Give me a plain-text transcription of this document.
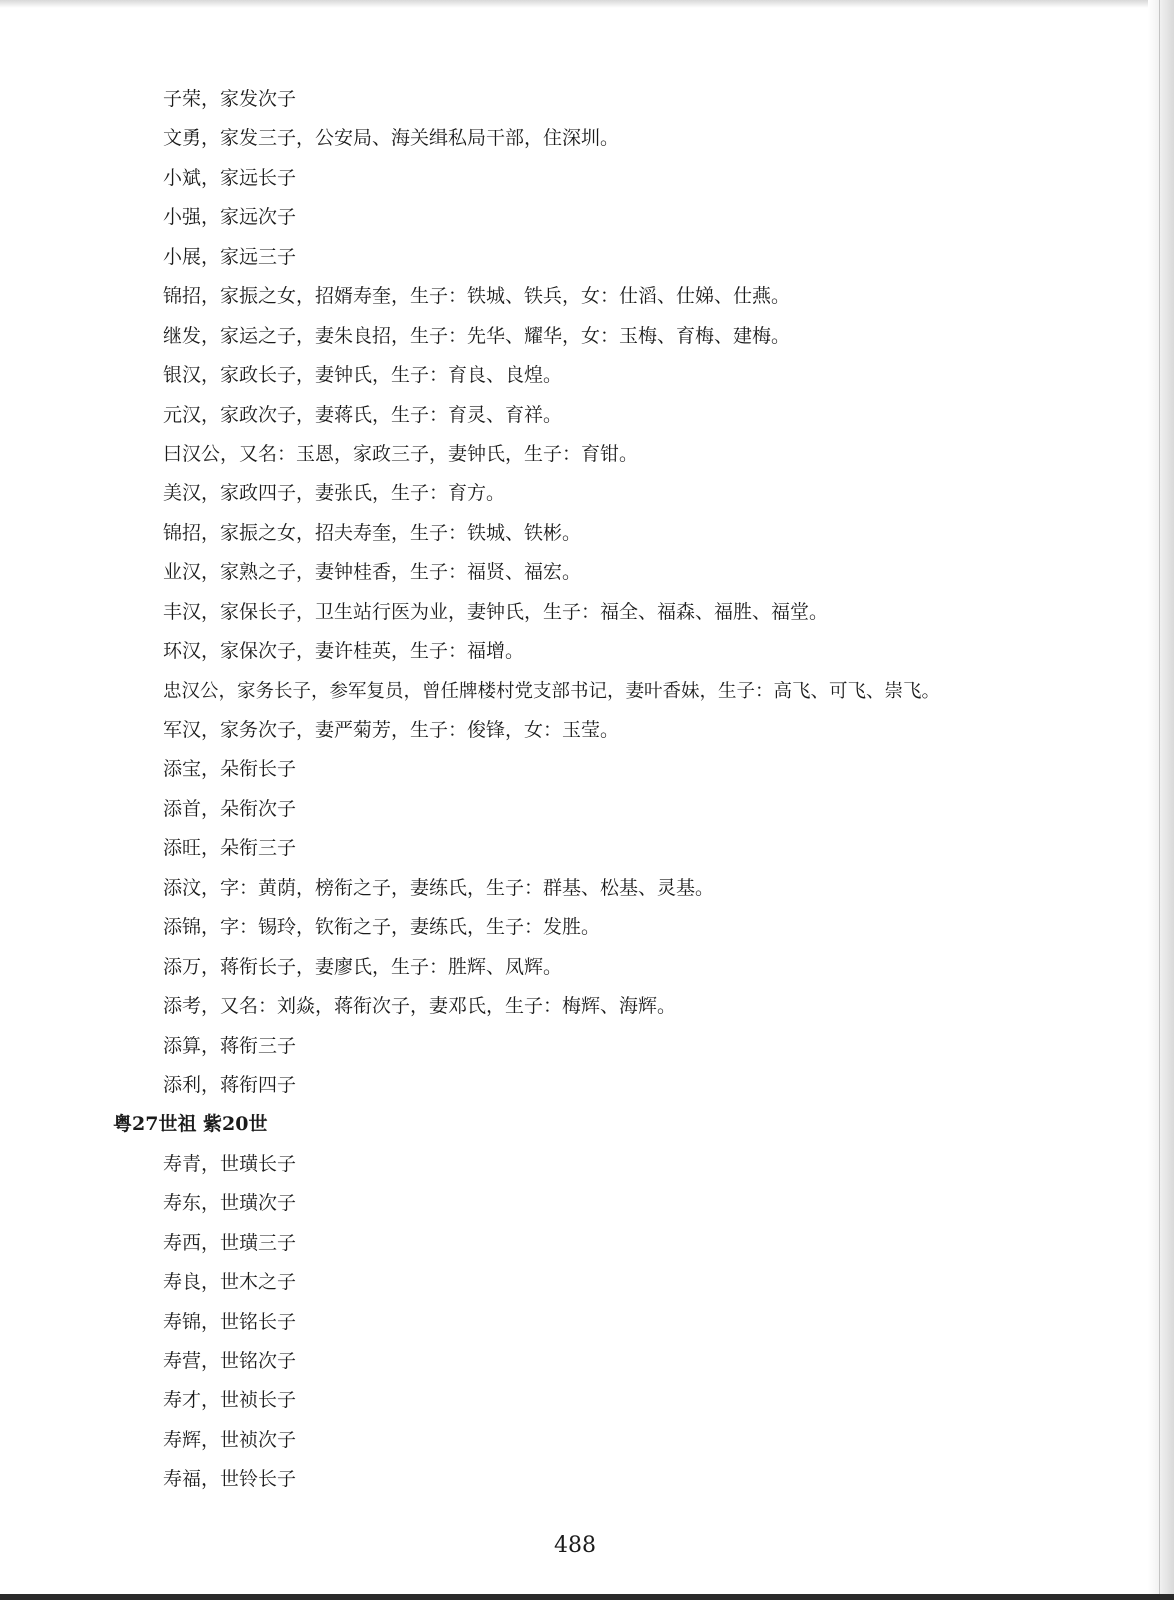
子荣，家发次子
文勇，家发三子，公安局、海关缉私局干部，住深圳。
小斌，家远长子
小强，家远次子
小展，家远三子
锦招，家振之女，招婿寿奎，生子：铁城、铁兵，女：仕滔、仕娣、仕燕。
继发，家运之子，妻朱良招，生子：先华、耀华，女：玉梅、育梅、建梅。
银汉，家政长子，妻钟氏，生子：育良、良煌。
元汉，家政次子，妻蒋氏，生子：育灵、育祥。
曰汉公，又名：玉恩，家政三子，妻钟氏，生子：育钳。
美汉，家政四子，妻张氏，生子：育方。
锦招，家振之女，招夫寿奎，生子：铁城、铁彬。
业汉，家熟之子，妻钟桂香，生子：福贤、福宏。
丰汉，家保长子，卫生站行医为业，妻钟氏，生子：福全、福森、福胜、福堂。
环汉，家保次子，妻许桂英，生子：福增。
忠汉公，家务长子，参军复员，曾任牌楼村党支部书记，妻叶香妹，生子：高飞、可飞、崇飞。
军汉，家务次子，妻严菊芳，生子：俊锋，女：玉莹。
添宝，朵衔长子
添首，朵衔次子
添旺，朵衔三子
添汶，字：黄荫，榜衔之子，妻练氏，生子：群基、松基、灵基。
添锦，字：锡玲，钦衔之子，妻练氏，生子：发胜。
添万，蒋衔长子，妻廖氏，生子：胜辉、凤辉。
添考，又名：刘焱，蒋衔次子，妻邓氏，生子：梅辉、海辉。
添算，蒋衔三子
添利，蒋衔四子
粤27世祖 紫20世
寿青，世璜长子
寿东，世璜次子
寿西，世璜三子
寿良，世木之子
寿锦，世铭长子
寿营，世铭次子
寿才，世祯长子
寿辉，世祯次子
寿福，世铃长子
488
